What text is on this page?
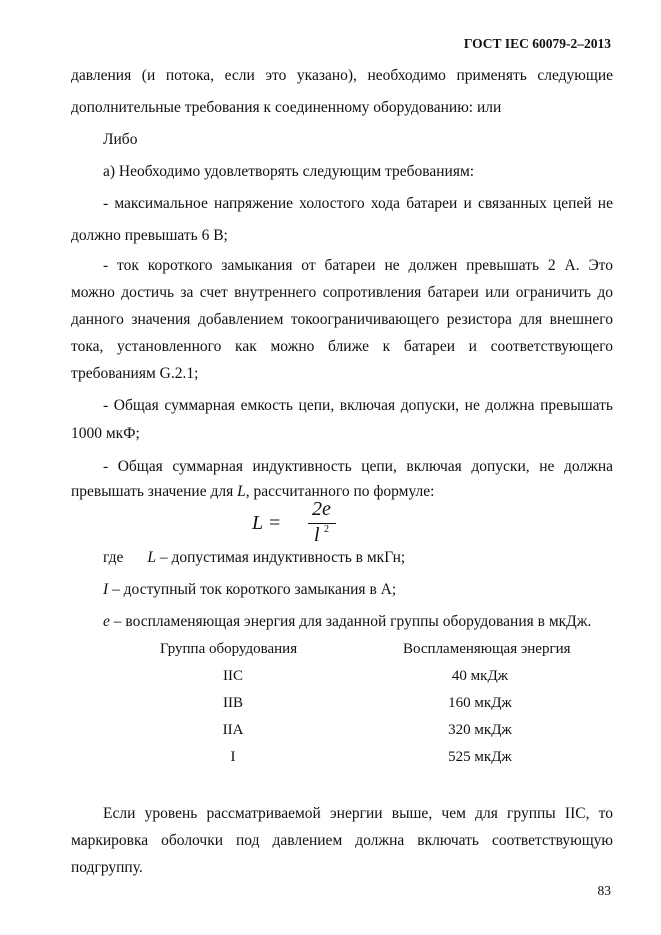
ГОСТ IEC 60079-2–2013
давления (и потока, если это указано), необходимо применять следующие
дополнительные требования к соединенному оборудованию: или
Либо
а) Необходимо удовлетворять следующим требованиям:
- максимальное напряжение холостого хода батареи и связанных цепей не
должно превышать 6 В;
- ток короткого замыкания от батареи не должен превышать 2 А. Это
можно достичь за счет внутреннего сопротивления батареи или ограничить до
данного значения добавлением токоограничивающего резистора для внешнего
тока, установленного как можно ближе к батареи и соответствующего
требованиям G.2.1;
- Общая суммарная емкость цепи, включая допуски, не должна превышать
1000 мкФ;
- Общая суммарная индуктивность цепи, включая допуски, не должна
превышать значение для L, рассчитанного по формуле:
L =
2e
l 2
где L – допустимая индуктивность в мкГн;
I – доступный ток короткого замыкания в А;
e – воспламеняющая энергия для заданной группы оборудования в мкДж.
Группа оборудования	Воспламеняющая энергия
IIC	40 мкДж
IIB	160 мкДж
IIA	320 мкДж
I	525 мкДж
Если уровень рассматриваемой энергии выше, чем для группы IIC, то
маркировка оболочки под давлением должна включать соответствующую
подгруппу.
83
